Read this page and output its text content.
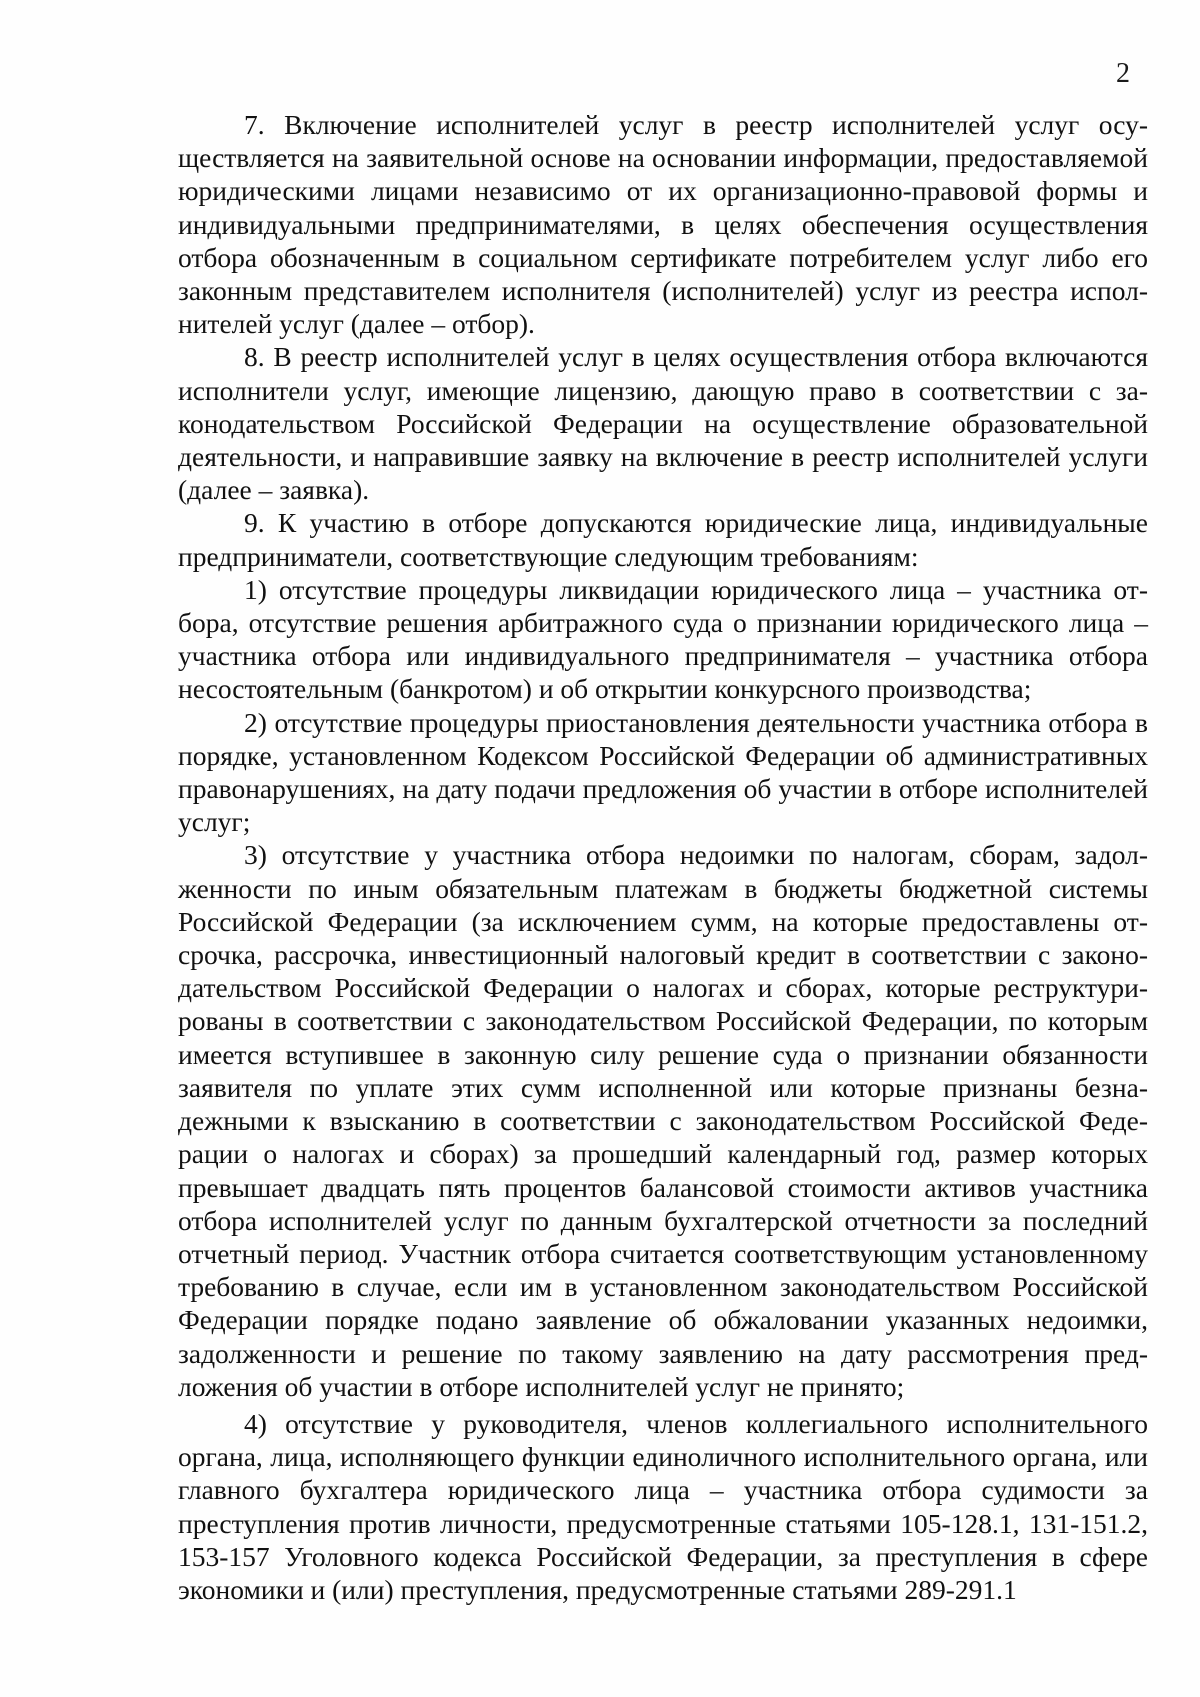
2

7. Включение исполнителей услуг в реестр исполнителей услуг осуществляется на заявительной основе на основании информации, предоставляемой юридическими лицами независимо от их организационно-правовой формы и индивидуальными предпринимателями, в целях обеспечения осуществления отбора обозначенным в социальном сертификате потребителем услуг либо его законным представителем исполнителя (исполнителей) услуг из реестра исполнителей услуг (далее – отбор).

8. В реестр исполнителей услуг в целях осуществления отбора включаются исполнители услуг, имеющие лицензию, дающую право в соответствии с законодательством Российской Федерации на осуществление образовательной деятельности, и направившие заявку на включение в реестр исполнителей услуги (далее – заявка).

9. К участию в отборе допускаются юридические лица, индивидуальные предприниматели, соответствующие следующим требованиям:

1) отсутствие процедуры ликвидации юридического лица – участника отбора, отсутствие решения арбитражного суда о признании юридического лица – участника отбора или индивидуального предпринимателя – участника отбора несостоятельным (банкротом) и об открытии конкурсного производства;

2) отсутствие процедуры приостановления деятельности участника отбора в порядке, установленном Кодексом Российской Федерации об административных правонарушениях, на дату подачи предложения об участии в отборе исполнителей услуг;

3) отсутствие у участника отбора недоимки по налогам, сборам, задолженности по иным обязательным платежам в бюджеты бюджетной системы Российской Федерации (за исключением сумм, на которые предоставлены отсрочка, рассрочка, инвестиционный налоговый кредит в соответствии с законодательством Российской Федерации о налогах и сборах, которые реструктурированы в соответствии с законодательством Российской Федерации, по которым имеется вступившее в законную силу решение суда о признании обязанности заявителя по уплате этих сумм исполненной или которые признаны безнадежными к взысканию в соответствии с законодательством Российской Федерации о налогах и сборах) за прошедший календарный год, размер которых превышает двадцать пять процентов балансовой стоимости активов участника отбора исполнителей услуг по данным бухгалтерской отчетности за последний отчетный период. Участник отбора считается соответствующим установленному требованию в случае, если им в установленном законодательством Российской Федерации порядке подано заявление об обжаловании указанных недоимки, задолженности и решение по такому заявлению на дату рассмотрения предложения об участии в отборе исполнителей услуг не принято;

4) отсутствие у руководителя, членов коллегиального исполнительного органа, лица, исполняющего функции единоличного исполнительного органа, или главного бухгалтера юридического лица – участника отбора судимости за преступления против личности, предусмотренные статьями 105-128.1, 131-151.2, 153-157 Уголовного кодекса Российской Федерации, за преступления в сфере экономики и (или) преступления, предусмотренные статьями 289-291.1
